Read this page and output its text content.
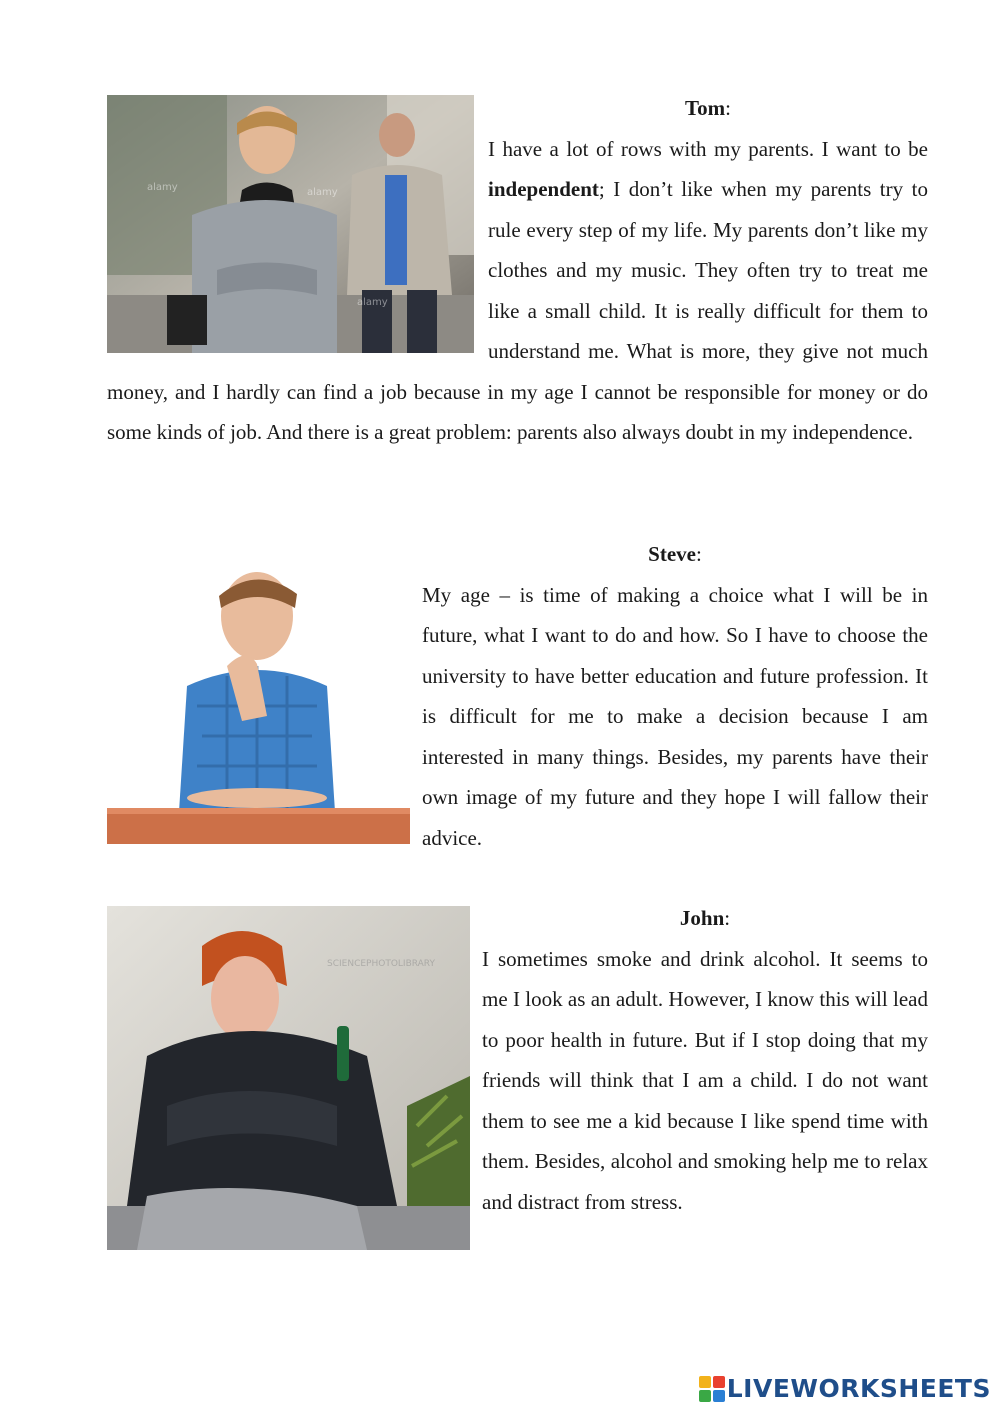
alamy
alamy
alamy
Tom:

I have a lot of rows with my parents. I want to be independent; I don’t like when my parents try to rule every step of my life. My parents don’t like my clothes and my music. They often try to treat me like a small child. It is really difficult for them to understand me. What is more, they give not much money, and I hardly can find a job because in my age I cannot be responsible for money or do some kinds of job. And there is a great problem: parents also always doubt in my independence.

Steve:

My age – is time of making a choice what I will be in future, what I want to do and how. So I have to choose the university to have better education and future profession. It is difficult for me to make a decision because I am interested in many things. Besides, my parents have their own image of my future and they hope I will fallow their advice.

SCIENCEPHOTOLIBRARY
John:

I sometimes smoke and drink alcohol. It seems to me I look as an adult. However, I know this will lead to poor health in future. But if I stop doing that my friends will think that I am a child. I do not want them to see me a kid because I like spend time with them. Besides, alcohol and smoking help me to relax and distract from stress.

LIVEWORKSHEETS
